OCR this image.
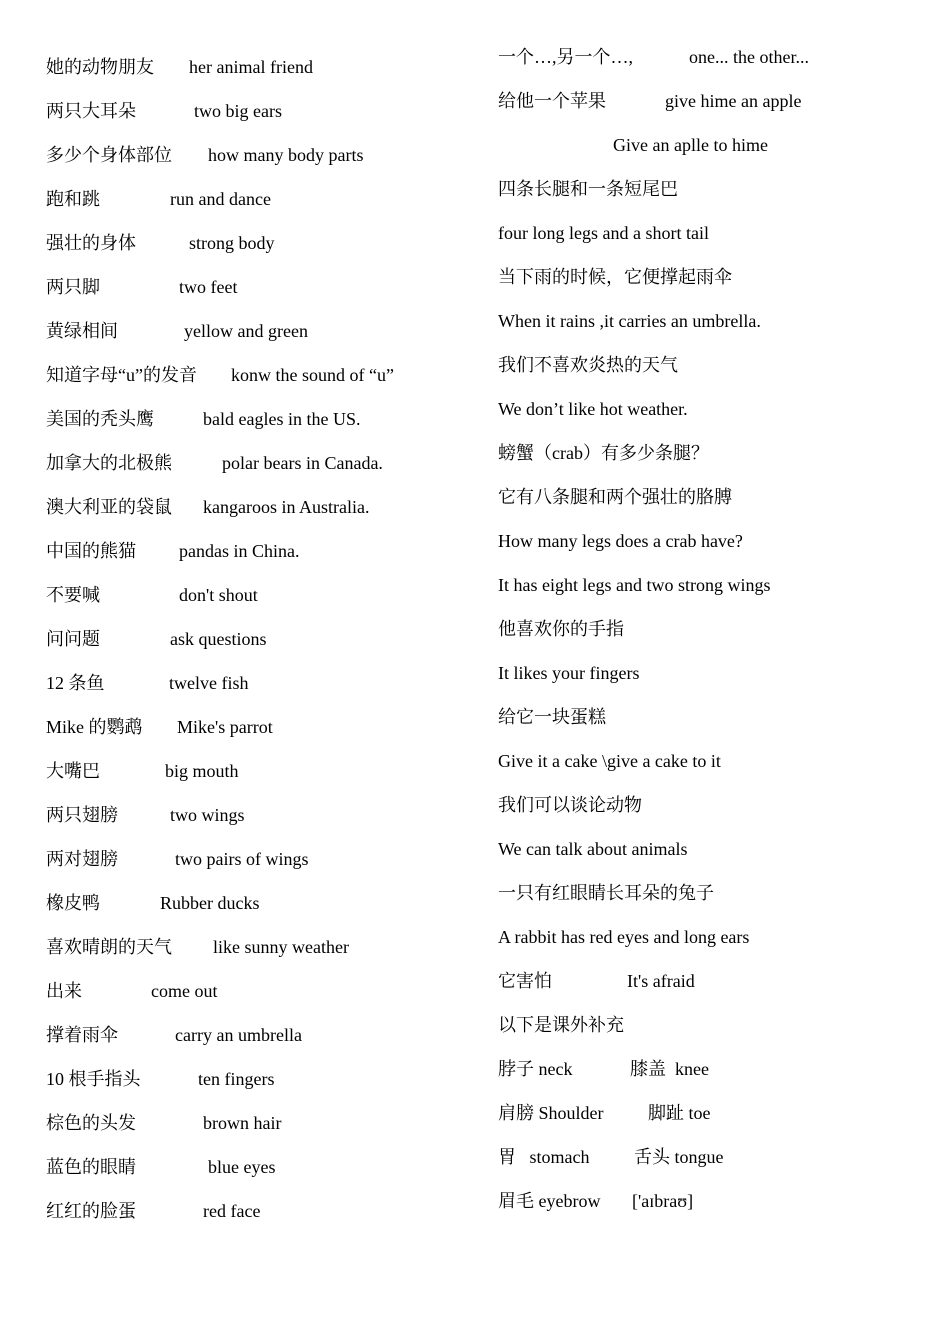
她的动物朋友 her animal friend
两只大耳朵	two big ears
多少个身体部位 how many body parts
跑和跳	run and dance
强壮的身体	strong body
两只脚	two feet
黄绿相间	yellow and green
知道字母“u”的发音 konw the sound of “u”
美国的秃头鹰	bald eagles in the US.
加拿大的北极熊	polar bears in Canada.
澳大利亚的袋鼠 kangaroos in Australia.
中国的熊猫 pandas in China.
不要喊	don't shout
问问题	ask questions
12 条鱼	twelve fish
Mike 的鹦鹉 Mike's parrot
大嘴巴	big mouth
两只翅膀	two wings
两对翅膀	two pairs of wings
橡皮鸭	Rubber ducks
喜欢晴朗的天气 like sunny weather
出来	come out
撑着雨伞	carry an umbrella
10 根手指头	ten fingers
棕色的头发	brown hair
蓝色的眼睛	blue eyes
红红的脸蛋	red face
一个…,另一个…,	one... the other...
给他一个苹果	give hime an apple
Give an aplle to hime
四条长腿和一条短尾巴
four long legs and a short tail
当下雨的时候，它便撑起雨伞
When it rains ,it carries an umbrella.
我们不喜欢炎热的天气
We don’t like hot weather.
螃蟹（crab）有多少条腿？
它有八条腿和两个强壮的胳膊
How many legs does a crab have?
It has eight legs and two strong wings
他喜欢你的手指
It likes your fingers
给它一块蛋糕
Give it a cake \give a cake to it
我们可以谈论动物
We can talk about animals
一只有红眼睛长耳朵的兔子
A rabbit has red eyes and long ears
它害怕	It's afraid
以下是课外补充
脖子 neck	膝盖  knee
肩膀 Shoulder 脚趾 toe
胃   stomach 舌头 tongue
眉毛 eyebrow ['aɪbraʊ]
